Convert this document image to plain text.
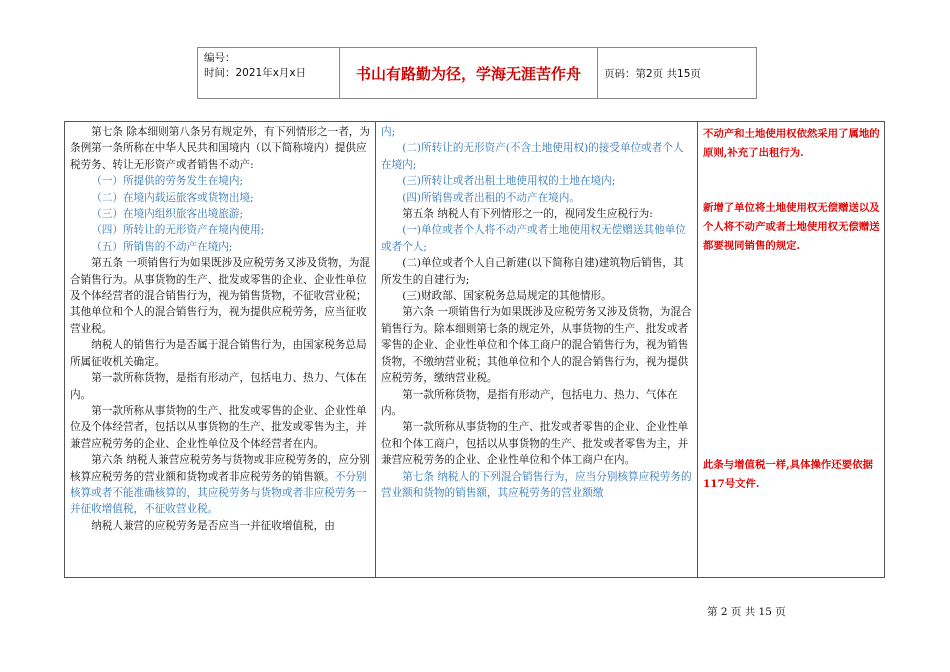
编号：
时间：2021年x月x日	书山有路勤为径，学海无涯苦作舟	页码：第2页 共15页

第七条 除本细则第八条另有规定外，有下列情形之一者，为条例第一条所称在中华人民共和国境内（以下简称境内）提供应税劳务、转让无形资产或者销售不动产:

（一）所提供的劳务发生在境内;

（二）在境内载运旅客或货物出境;

（三）在境内组织旅客出境旅游;

（四）所转让的无形资产在境内使用;

（五）所销售的不动产在境内;

第五条 一项销售行为如果既涉及应税劳务又涉及货物，为混合销售行为。从事货物的生产、批发或零售的企业、企业性单位及个体经营者的混合销售行为，视为销售货物，不征收营业税；其他单位和个人的混合销售行为，视为提供应税劳务，应当征收营业税。

纳税人的销售行为是否属于混合销售行为，由国家税务总局所属征收机关确定。

第一款所称货物，是指有形动产，包括电力、热力、气体在内。

第一款所称从事货物的生产、批发或零售的企业、企业性单位及个体经营者，包括以从事货物的生产、批发或零售为主，并兼营应税劳务的企业、企业性单位及个体经营者在内。

第六条 纳税人兼营应税劳务与货物或非应税劳务的，应分别核算应税劳务的营业额和货物或者非应税劳务的销售额。不分别核算或者不能准确核算的，其应税劳务与货物或者非应税劳务一并征收增值税，不征收营业税。

纳税人兼营的应税劳务是否应当一并征收增值税，由

内;

(二)所转让的无形资产(不含土地使用权)的接受单位或者个人在境内;

(三)所转让或者出租土地使用权的土地在境内;

(四)所销售或者出租的不动产在境内。

第五条 纳税人有下列情形之一的，视同发生应税行为:

(一)单位或者个人将不动产或者土地使用权无偿赠送其他单位或者个人;

(二)单位或者个人自己新建(以下简称自建)建筑物后销售，其所发生的自建行为;

(三)财政部、国家税务总局规定的其他情形。

第六条 一项销售行为如果既涉及应税劳务又涉及货物，为混合销售行为。除本细则第七条的规定外，从事货物的生产、批发或者零售的企业、企业性单位和个体工商户的混合销售行为，视为销售货物，不缴纳营业税；其他单位和个人的混合销售行为，视为提供应税劳务，缴纳营业税。

第一款所称货物，是指有形动产，包括电力、热力、气体在内。

第一款所称从事货物的生产、批发或者零售的企业、企业性单位和个体工商户，包括以从事货物的生产、批发或者零售为主，并兼营应税劳务的企业、企业性单位和个体工商户在内。

第七条 纳税人的下列混合销售行为，应当分别核算应税劳务的营业额和货物的销售额，其应税劳务的营业额缴

不动产和土地使用权依然采用了属地的原则,补充了出租行为.
新增了单位将土地使用权无偿赠送以及个人将不动产或者土地使用权无偿赠送都要视同销售的规定.
此条与增值税一样,具体操作还要依据117号文件.
第 2 页 共 15 页
